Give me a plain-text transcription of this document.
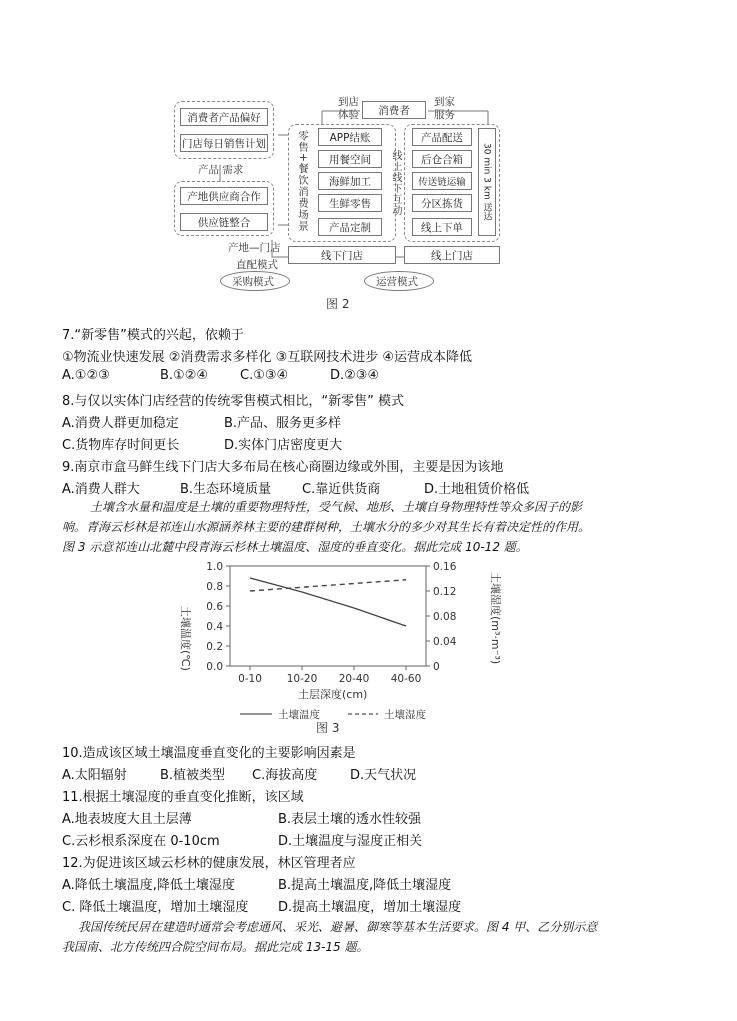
消费者产品偏好
门店每日销售计划
产品 需求
产地供应商合作
供应链整合
产地—门店
直配模式
采购模式
到店
体验	消费者
到家
服务
零售+餐饮消费场景	APP结账
用餐空间
海鲜加工
生鲜零售
产品定制
线上线下互动
产品配送
后仓合箱
传送链运输
分区拣货
线上下单
30 min 3 km 送达
线下门店	线上门店
运营模式
图 2
7.“新零售”模式的兴起，依赖于
①物流业快速发展 ②消费需求多样化 ③互联网技术进步 ④运营成本降低
A.①②③	B.①②④ C.①③④	D.②③④
8.与仅以实体门店经营的传统零售模式相比，“新零售” 模式
A.消费人群更加稳定	B.产品、服务更多样
C.货物库存时间更长	D.实体门店密度更大
9.南京市盒马鲜生线下门店大多布局在核心商圈边缘或外围，主要是因为该地
A.消费人群大	B.生态环境质量 C.靠近供货商	D.土地租赁价格低
土壤含水量和温度是土壤的重要物理特性，受气候、地形、土壤自身物理特性等众多因子的影
响。青海云杉林是祁连山水源涵养林主要的建群树种，土壤水分的多少对其生长有着决定性的作用。
图 3 示意祁连山北麓中段青海云杉林土壤温度、湿度的垂直变化。据此完成 10-12 题。
0.0
0.2
0.4
0.6
0.8
1.0
0
0.04
0.08
0.12
0.16
0-10 10-20 20-40 40-60
土壤温度(℃)	土壤湿度(m³·m⁻³)
土层深度(cm)
土壤温度	土壤湿度
图 3
10.造成该区域土壤温度垂直变化的主要影响因素是
A.太阳辐射	B.植被类型 C.海拔高度	D.天气状况
11.根据土壤湿度的垂直变化推断，该区域
A.地表坡度大且土层薄	B.表层土壤的透水性较强
C.云杉根系深度在 0-10cm	D.土壤温度与湿度正相关
12.为促进该区域云杉林的健康发展，林区管理者应
A.降低土壤温度,降低土壤湿度	B.提高土壤温度,降低土壤湿度
C. 降低土壤温度，增加土壤湿度 D.提高土壤温度，增加土壤湿度
我国传统民居在建造时通常会考虑通风、采光、避暑、御寒等基本生活要求。图 4 甲、乙分别示意
我国南、北方传统四合院空间布局。据此完成 13-15 题。
